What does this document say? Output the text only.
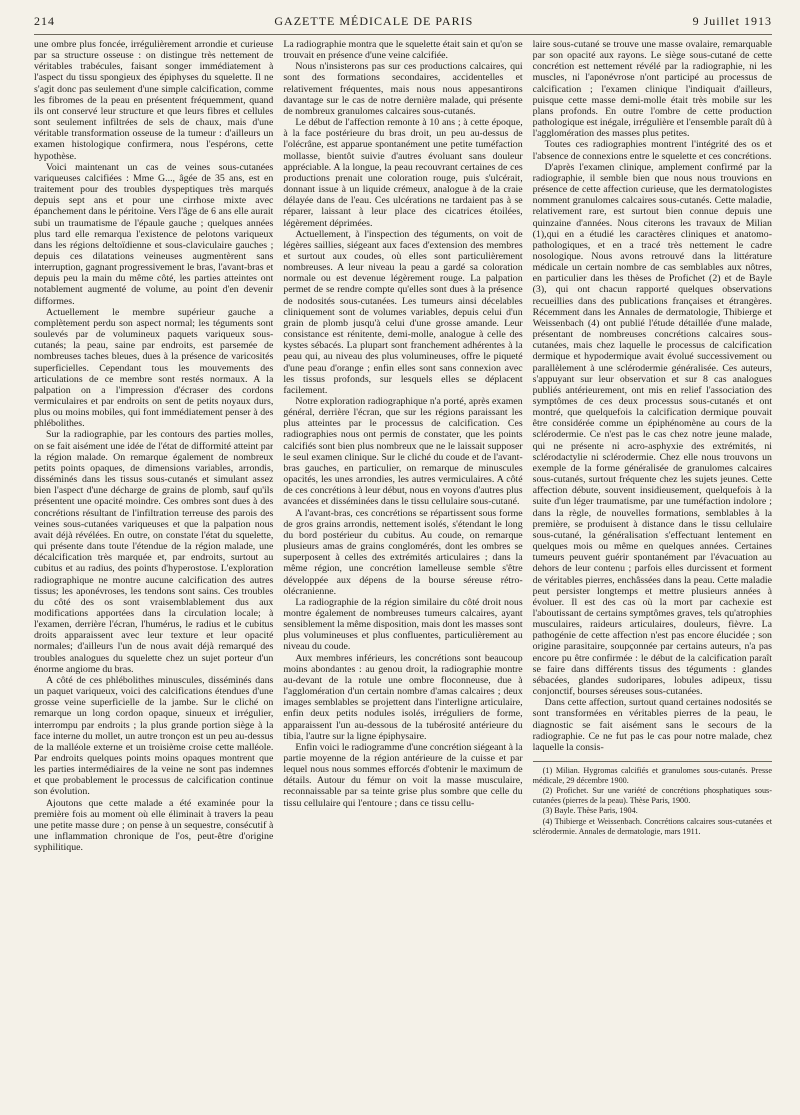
214	GAZETTE MÉDICALE DE PARIS	9 Juillet 1913

une ombre plus foncée, irrégulièrement arrondie et curieuse par sa structure osseuse : on distingue très nettement de véritables trabécules, faisant songer immédiatement à l'aspect du tissu spongieux des épiphyses du squelette. Il ne s'agit donc pas seulement d'une simple calcification, comme les fibromes de la peau en présentent fréquemment, quand ils ont conservé leur structure et que leurs fibres et cellules sont seulement infiltrées de sels de chaux, mais d'une véritable transformation osseuse de la tumeur : d'ailleurs un examen histologique confirmera, nous l'espérons, cette hypothèse.

Voici maintenant un cas de veines sous-cutanées variqueuses calcifiées : Mme G..., âgée de 35 ans, est en traitement pour des troubles dyspeptiques très marqués depuis sept ans et pour une cirrhose mixte avec épanchement dans le péritoine. Vers l'âge de 6 ans elle aurait subi un traumatisme de l'épaule gauche ; quelques années plus tard elle remarqua l'existence de pelotons variqueux dans les régions deltoïdienne et sous-claviculaire gauches ; depuis ces dilatations veineuses augmentèrent sans interruption, gagnant progressivement le bras, l'avant-bras et depuis peu la main du même côté, les parties atteintes ont notablement augmenté de volume, au point d'en devenir difformes.

Actuellement le membre supérieur gauche a complètement perdu son aspect normal; les téguments sont soulevés par de volumineux paquets variqueux sous-cutanés; la peau, saine par endroits, est parsemée de nombreuses taches bleues, dues à la présence de varicosités superficielles. Cependant tous les mouvements des articulations de ce membre sont restés normaux. A la palpation on a l'impression d'écraser des cordons vermiculaires et par endroits on sent de petits noyaux durs, plus ou moins mobiles, qui font immédiatement penser à des phlébolithes.

Sur la radiographie, par les contours des parties molles, on se fait aisément une idée de l'état de difformité atteint par la région malade. On remarque également de nombreux petits points opaques, de dimensions variables, arrondis, disséminés dans les tissus sous-cutanés et simulant assez bien l'aspect d'une décharge de grains de plomb, sauf qu'ils présentent une opacité moindre. Ces ombres sont dues à des concrétions résultant de l'infiltration terreuse des parois des veines sous-cutanées variqueuses et que la palpation nous avait déjà révélées. En outre, on constate l'état du squelette, qui présente dans toute l'étendue de la région malade, une décalcification très marquée et, par endroits, surtout au cubitus et au radius, des points d'hyperostose. L'exploration radiographique ne montre aucune calcification des autres tissus; les aponévroses, les tendons sont sains. Ces troubles du côté des os sont vraisemblablement dus aux modifications apportées dans la circulation locale; à l'examen, derrière l'écran, l'humérus, le radius et le cubitus droits apparaissent avec leur texture et leur opacité normales; d'ailleurs l'un de nous avait déjà remarqué des troubles analogues du squelette chez un sujet porteur d'un énorme angiome du bras.

A côté de ces phlébolithes minuscules, disséminés dans un paquet variqueux, voici des calcifications étendues d'une grosse veine superficielle de la jambe. Sur le cliché on remarque un long cordon opaque, sinueux et irrégulier, interrompu par endroits ; la plus grande portion siège à la face interne du mollet, un autre tronçon est un peu au-dessus de la malléole externe et un troisième croise cette malléole. Par endroits quelques points moins opaques montrent que les parties intermédiaires de la veine ne sont pas indemnes et que probablement le processus de calcification continue son évolution.

Ajoutons que cette malade a été examinée pour la première fois au moment où elle éliminait à travers la peau une petite masse dure ; on pense à un sequestre, consécutif à une inflammation chronique de l'os, peut-être d'origine syphilitique.

La radiographie montra que le squelette était sain et qu'on se trouvait en présence d'une veine calcifiée.

Nous n'insisterons pas sur ces productions calcaires, qui sont des formations secondaires, accidentelles et relativement fréquentes, mais nous nous appesantirons davantage sur le cas de notre dernière malade, qui présente de nombreux granulomes calcaires sous-cutanés.

Le début de l'affection remonte à 10 ans ; à cette époque, à la face postérieure du bras droit, un peu au-dessus de l'olécrâne, est apparue spontanément une petite tuméfaction mollasse, bientôt suivie d'autres évoluant sans douleur appréciable. A la longue, la peau recouvrant certaines de ces productions prenait une coloration rouge, puis s'ulcérait, donnant issue à un liquide crémeux, analogue à de la craie délayée dans de l'eau. Ces ulcérations ne tardaient pas à se réparer, laissant à leur place des cicatrices étoilées, légèrement déprimées.

Actuellement, à l'inspection des téguments, on voit de légères saillies, siégeant aux faces d'extension des membres et surtout aux coudes, où elles sont particulièrement nombreuses. A leur niveau la peau a gardé sa coloration normale ou est devenue légèrement rouge. La palpation permet de se rendre compte qu'elles sont dues à la présence de nodosités sous-cutanées. Les tumeurs ainsi décelables cliniquement sont de volumes variables, depuis celui d'un grain de plomb jusqu'à celui d'une grosse amande. Leur consistance est rénitente, demi-molle, analogue à celle des kystes sébacés. La plupart sont franchement adhérentes à la peau qui, au niveau des plus volumineuses, offre le piqueté d'une peau d'orange ; enfin elles sont sans connexion avec les tissus profonds, sur lesquels elles se déplacent facilement.

Notre exploration radiographique n'a porté, après examen général, derrière l'écran, que sur les régions paraissant les plus atteintes par le processus de calcification. Ces radiographies nous ont permis de constater, que les points calcifiés sont bien plus nombreux que ne le laissait supposer le seul examen clinique. Sur le cliché du coude et de l'avant-bras gauches, en particulier, on remarque de minuscules opacités, les unes arrondies, les autres vermiculaires. A côté de ces concrétions à leur début, nous en voyons d'autres plus avancées et disséminées dans le tissu cellulaire sous-cutané.

A l'avant-bras, ces concrétions se répartissent sous forme de gros grains arrondis, nettement isolés, s'étendant le long du bord postérieur du cubitus. Au coude, on remarque plusieurs amas de grains conglomérés, dont les ombres se superposent à celles des extrémités articulaires ; dans la même région, une concrétion lamelleuse semble s'être développée aux dépens de la bourse séreuse rétro-olécranienne.

La radiographie de la région similaire du côté droit nous montre également de nombreuses tumeurs calcaires, ayant sensiblement la même disposition, mais dont les masses sont plus volumineuses et plus confluentes, particulièrement au niveau du coude.

Aux membres inférieurs, les concrétions sont beaucoup moins abondantes : au genou droit, la radiographie montre au-devant de la rotule une ombre floconneuse, due à l'agglomération d'un certain nombre d'amas calcaires ; deux images semblables se projettent dans l'interligne articulaire, enfin deux petits nodules isolés, irréguliers de forme, apparaissent l'un au-dessous de la tubérosité antérieure du tibia, l'autre sur la ligne épiphysaire.

Enfin voici le radiogramme d'une concrétion siégeant à la partie moyenne de la région antérieure de la cuisse et par lequel nous nous sommes efforcés d'obtenir le maximum de détails. Autour du fémur on voit la masse musculaire, reconnaissable par sa teinte grise plus sombre que celle du tissu cellulaire qui l'entoure ; dans ce tissu cellu-

laire sous-cutané se trouve une masse ovalaire, remarquable par son opacité aux rayons. Le siège sous-cutané de cette concrétion est nettement révélé par la radiographie, ni les muscles, ni l'aponévrose n'ont participé au processus de calcification ; l'examen clinique l'indiquait d'ailleurs, puisque cette masse demi-molle était très mobile sur les plans profonds. En outre l'ombre de cette production pathologique est inégale, irrégulière et l'ensemble paraît dû à l'agglomération des masses plus petites.

Toutes ces radiographies montrent l'intégrité des os et l'absence de connexions entre le squelette et ces concrétions.

D'après l'examen clinique, amplement confirmé par la radiographie, il semble bien que nous nous trouvions en présence de cette affection curieuse, que les dermatologistes nomment granulomes calcaires sous-cutanés. Cette maladie, relativement rare, est surtout bien connue depuis une quinzaine d'années. Nous citerons les travaux de Milian (1),qui en a étudié les caractères cliniques et anatomo-pathologiques, et en a tracé très nettement le cadre nosologique. Nous avons retrouvé dans la littérature médicale un certain nombre de cas semblables aux nôtres, en particulier dans les thèses de Profichet (2) et de Bayle (3), qui ont chacun rapporté quelques observations recueillies dans des publications françaises et étrangères. Récemment dans les Annales de dermatologie, Thibierge et Weissenbach (4) ont publié l'étude détaillée d'une malade, présentant de nombreuses concrétions calcaires sous-cutanées, mais chez laquelle le processus de calcification dermique et hypodermique avait évolué successivement ou parallèlement à une sclérodermie généralisée. Ces auteurs, s'appuyant sur leur observation et sur 8 cas analogues publiés antérieurement, ont mis en relief l'association des symptômes de ces deux processus sous-cutanés et ont montré, que quelquefois la calcification dermique pouvait être considérée comme un épiphénomène au cours de la sclérodermie. Ce n'est pas le cas chez notre jeune malade, qui ne présente ni acro-asphyxie des extrémités, ni sclérodactylie ni sclérodermie. Chez elle nous trouvons un exemple de la forme généralisée de granulomes calcaires sous-cutanés, surtout fréquente chez les sujets jeunes. Cette affection débute, souvent insidieusement, quelquefois à la suite d'un léger traumatisme, par une tuméfaction indolore ; dans la règle, de nouvelles formations, semblables à la première, se produisent à distance dans le tissu cellulaire sous-cutané, la généralisation s'effectuant lentement en quelques mois ou même en quelques années. Certaines tumeurs peuvent guérir spontanément par l'évacuation au dehors de leur contenu ; parfois elles durcissent et forment de véritables pierres, enchâssées dans la peau. Cette maladie peut persister longtemps et mettre plusieurs années à évoluer. Il est des cas où la mort par cachexie est l'aboutissant de certains symptômes graves, tels qu'atrophies musculaires, raideurs articulaires, douleurs, fièvre. La pathogénie de cette affection n'est pas encore élucidée ; son origine parasitaire, soupçonnée par certains auteurs, n'a pas encore pu être confirmée : le début de la calcification paraît se faire dans différents tissus des téguments : glandes sébacées, glandes sudoripares, lobules adipeux, tissu conjonctif, bourses séreuses sous-cutanées.

Dans cette affection, surtout quand certaines nodosités se sont transformées en véritables pierres de la peau, le diagnostic se fait aisément sans le secours de la radiographie. Ce ne fut pas le cas pour notre malade, chez laquelle la consis-

(1) Milian. Hygromas calcifiés et granulomes sous-cutanés. Presse médicale, 29 décembre 1900.
(2) Profichet. Sur une variété de concrétions phosphatiques sous-cutanées (pierres de la peau). Thèse Paris, 1900.
(3) Bayle. Thèse Paris, 1904.
(4) Thibierge et Weissenbach. Concrétions calcaires sous-cutanées et sclérodermie. Annales de dermatologie, mars 1911.
